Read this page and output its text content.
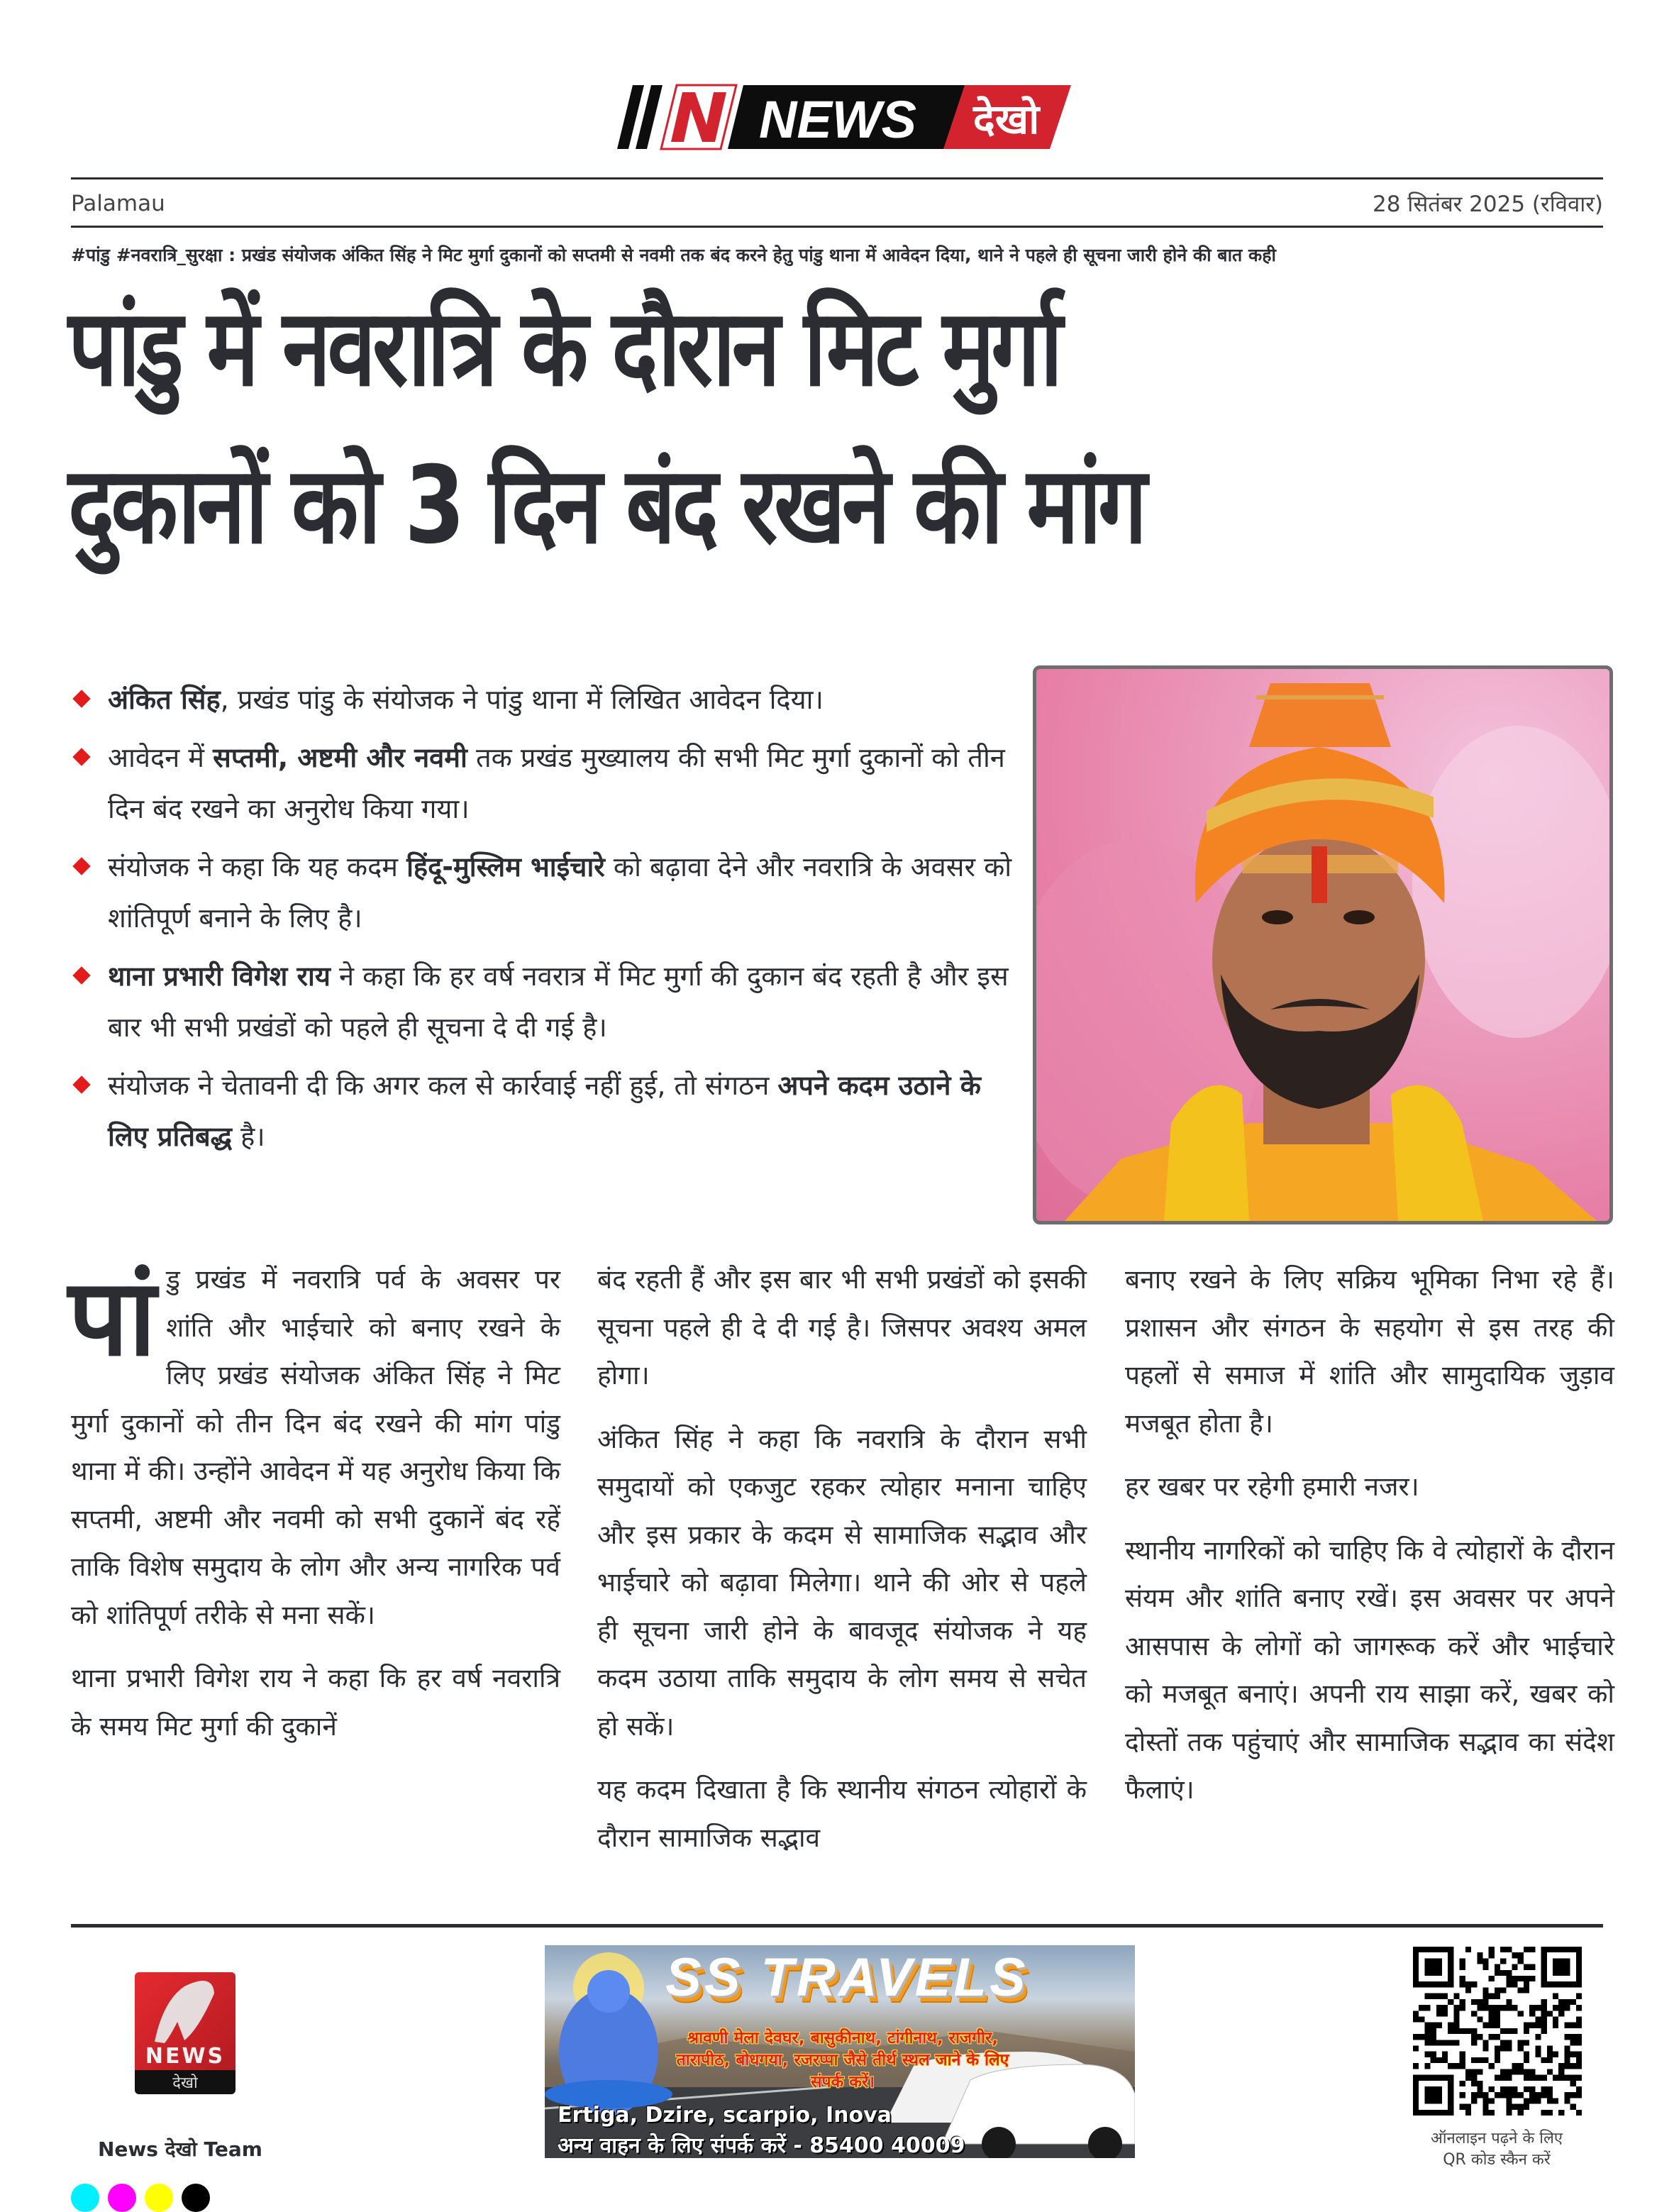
NEWS देखो
Palamau	28 सितंबर 2025 (रविवार)
#पांडु #नवरात्रि_सुरक्षा : प्रखंड संयोजक अंकित सिंह ने मिट मुर्गा दुकानों को सप्तमी से नवमी तक बंद करने हेतु पांडु थाना में आवेदन दिया, थाने ने पहले ही सूचना जारी होने की बात कही
पांडु में नवरात्रि के दौरान मिट मुर्गा
दुकानों को 3 दिन बंद रखने की मांग
अंकित सिंह, प्रखंड पांडु के संयोजक ने पांडु थाना में लिखित आवेदन दिया।
आवेदन में सप्तमी, अष्टमी और नवमी तक प्रखंड मुख्यालय की सभी मिट मुर्गा दुकानों को तीन दिन बंद रखने का अनुरोध किया गया।
संयोजक ने कहा कि यह कदम हिंदू-मुस्लिम भाईचारे को बढ़ावा देने और नवरात्रि के अवसर को शांतिपूर्ण बनाने के लिए है।
थाना प्रभारी विगेश राय ने कहा कि हर वर्ष नवरात्र में मिट मुर्गा की दुकान बंद रहती है और इस बार भी सभी प्रखंडों को पहले ही सूचना दे दी गई है।
संयोजक ने चेतावनी दी कि अगर कल से कार्रवाई नहीं हुई, तो संगठन अपने कदम उठाने के लिए प्रतिबद्ध है।

पांडु प्रखंड में नवरात्रि पर्व के अवसर पर शांति और भाईचारे को बनाए रखने के लिए प्रखंड संयोजक अंकित सिंह ने मिट मुर्गा दुकानों को तीन दिन बंद रखने की मांग पांडु थाना में की। उन्होंने आवेदन में यह अनुरोध किया कि सप्तमी, अष्टमी और नवमी को सभी दुकानें बंद रहें ताकि विशेष समुदाय के लोग और अन्य नागरिक पर्व को शांतिपूर्ण तरीके से मना सकें।

थाना प्रभारी विगेश राय ने कहा कि हर वर्ष नवरात्रि के समय मिट मुर्गा की दुकानें

बंद रहती हैं और इस बार भी सभी प्रखंडों को इसकी सूचना पहले ही दे दी गई है। जिसपर अवश्य अमल होगा।

अंकित सिंह ने कहा कि नवरात्रि के दौरान सभी समुदायों को एकजुट रहकर त्योहार मनाना चाहिए और इस प्रकार के कदम से सामाजिक सद्भाव और भाईचारे को बढ़ावा मिलेगा। थाने की ओर से पहले ही सूचना जारी होने के बावजूद संयोजक ने यह कदम उठाया ताकि समुदाय के लोग समय से सचेत हो सकें।

यह कदम दिखाता है कि स्थानीय संगठन त्योहारों के दौरान सामाजिक सद्भाव

बनाए रखने के लिए सक्रिय भूमिका निभा रहे हैं। प्रशासन और संगठन के सहयोग से इस तरह की पहलों से समाज में शांति और सामुदायिक जुड़ाव मजबूत होता है।

हर खबर पर रहेगी हमारी नजर।

स्थानीय नागरिकों को चाहिए कि वे त्योहारों के दौरान संयम और शांति बनाए रखें। इस अवसर पर अपने आसपास के लोगों को जागरूक करें और भाईचारे को मजबूत बनाएं। अपनी राय साझा करें, खबर को दोस्तों तक पहुंचाएं और सामाजिक सद्भाव का संदेश फैलाएं।

NEWS
देखो
News देखो Team
SS TRAVELS
श्रावणी मेला देवघर, बासुकीनाथ, टांगीनाथ, राजगीर, तारापीठ, बोधगया, रजरप्पा जैसे तीर्थ स्थल जाने के लिए संपर्क करें।
Ertiga, Dzire, scarpio, Inova
अन्य वाहन के लिए संपर्क करें - 85400 40009	ऑनलाइन पढ़ने के लिए
QR कोड स्कैन करें
